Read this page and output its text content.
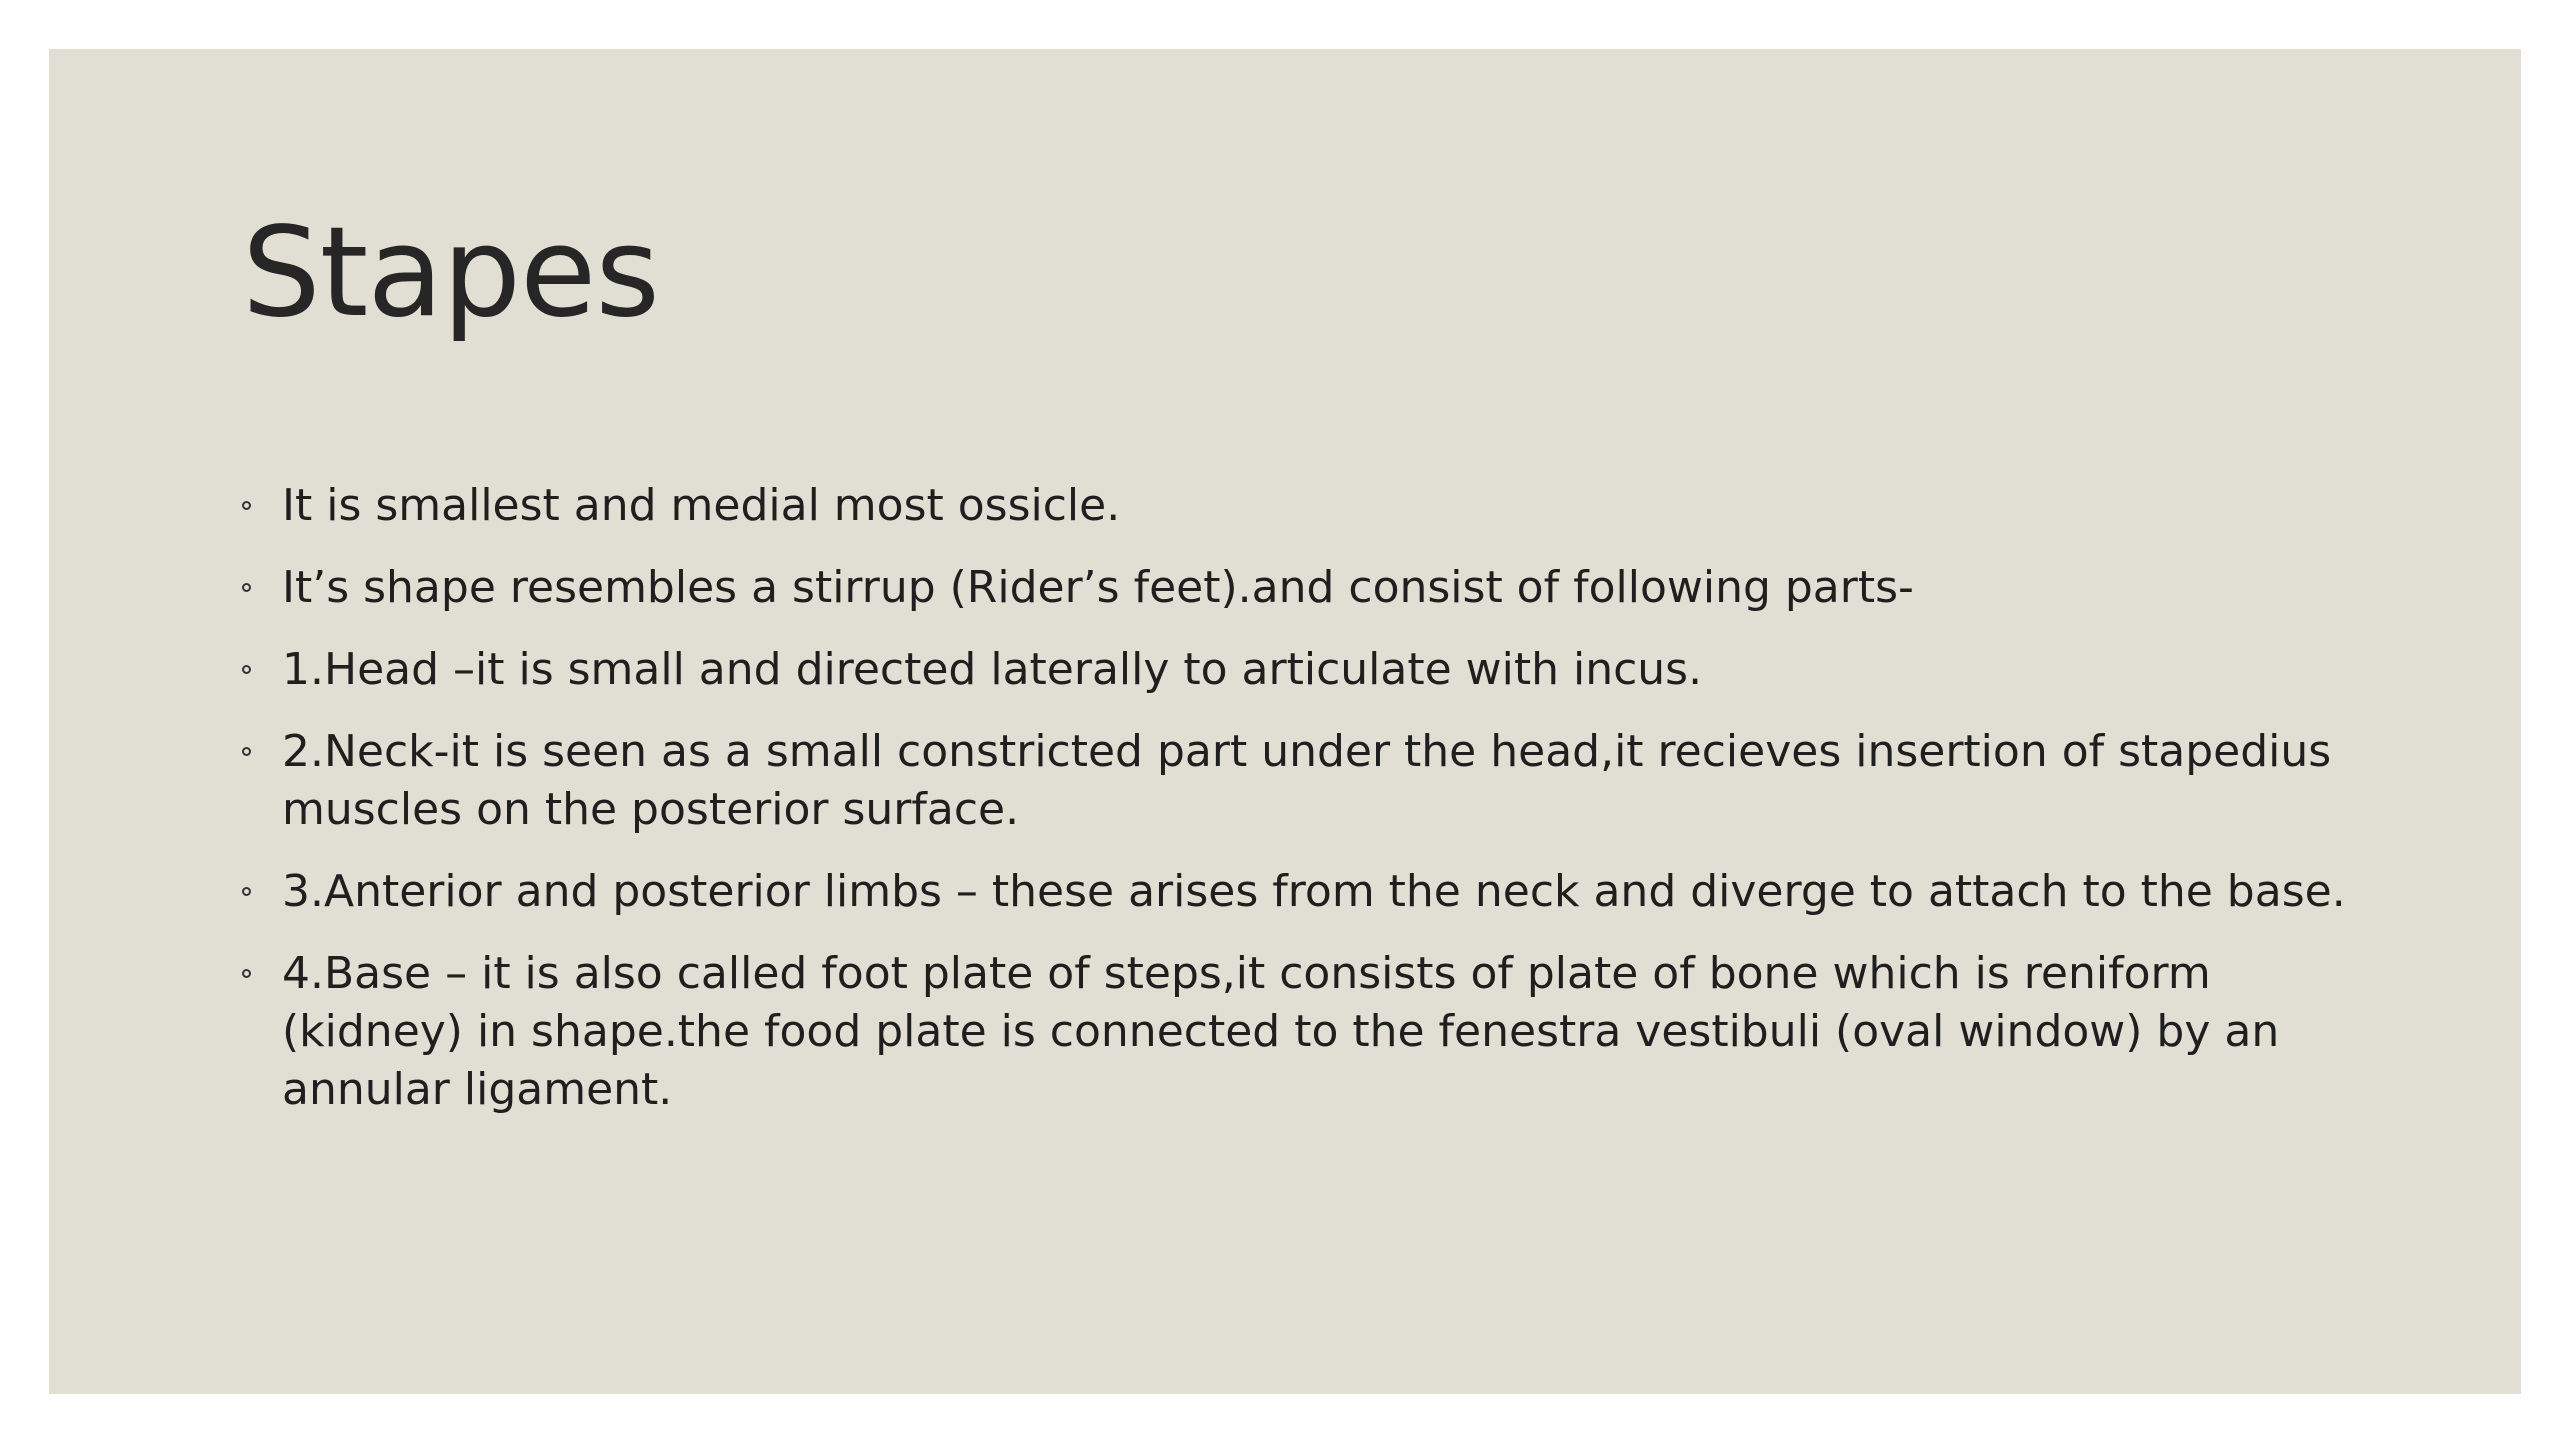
Stapes
It is smallest and medial most ossicle.
It’s shape resembles a stirrup (Rider’s feet).and consist of following parts-
1.Head –it is small and directed laterally to articulate with incus.
2.Neck-it is seen as a small constricted part under the head,it recieves insertion of stapedius muscles on the posterior surface.
3.Anterior and posterior limbs – these arises from the neck and diverge to attach to the base.
4.Base – it is also called foot plate of steps,it consists of plate of bone which is reniform (kidney) in shape.the food plate is connected to the fenestra vestibuli (oval window) by an annular ligament.
